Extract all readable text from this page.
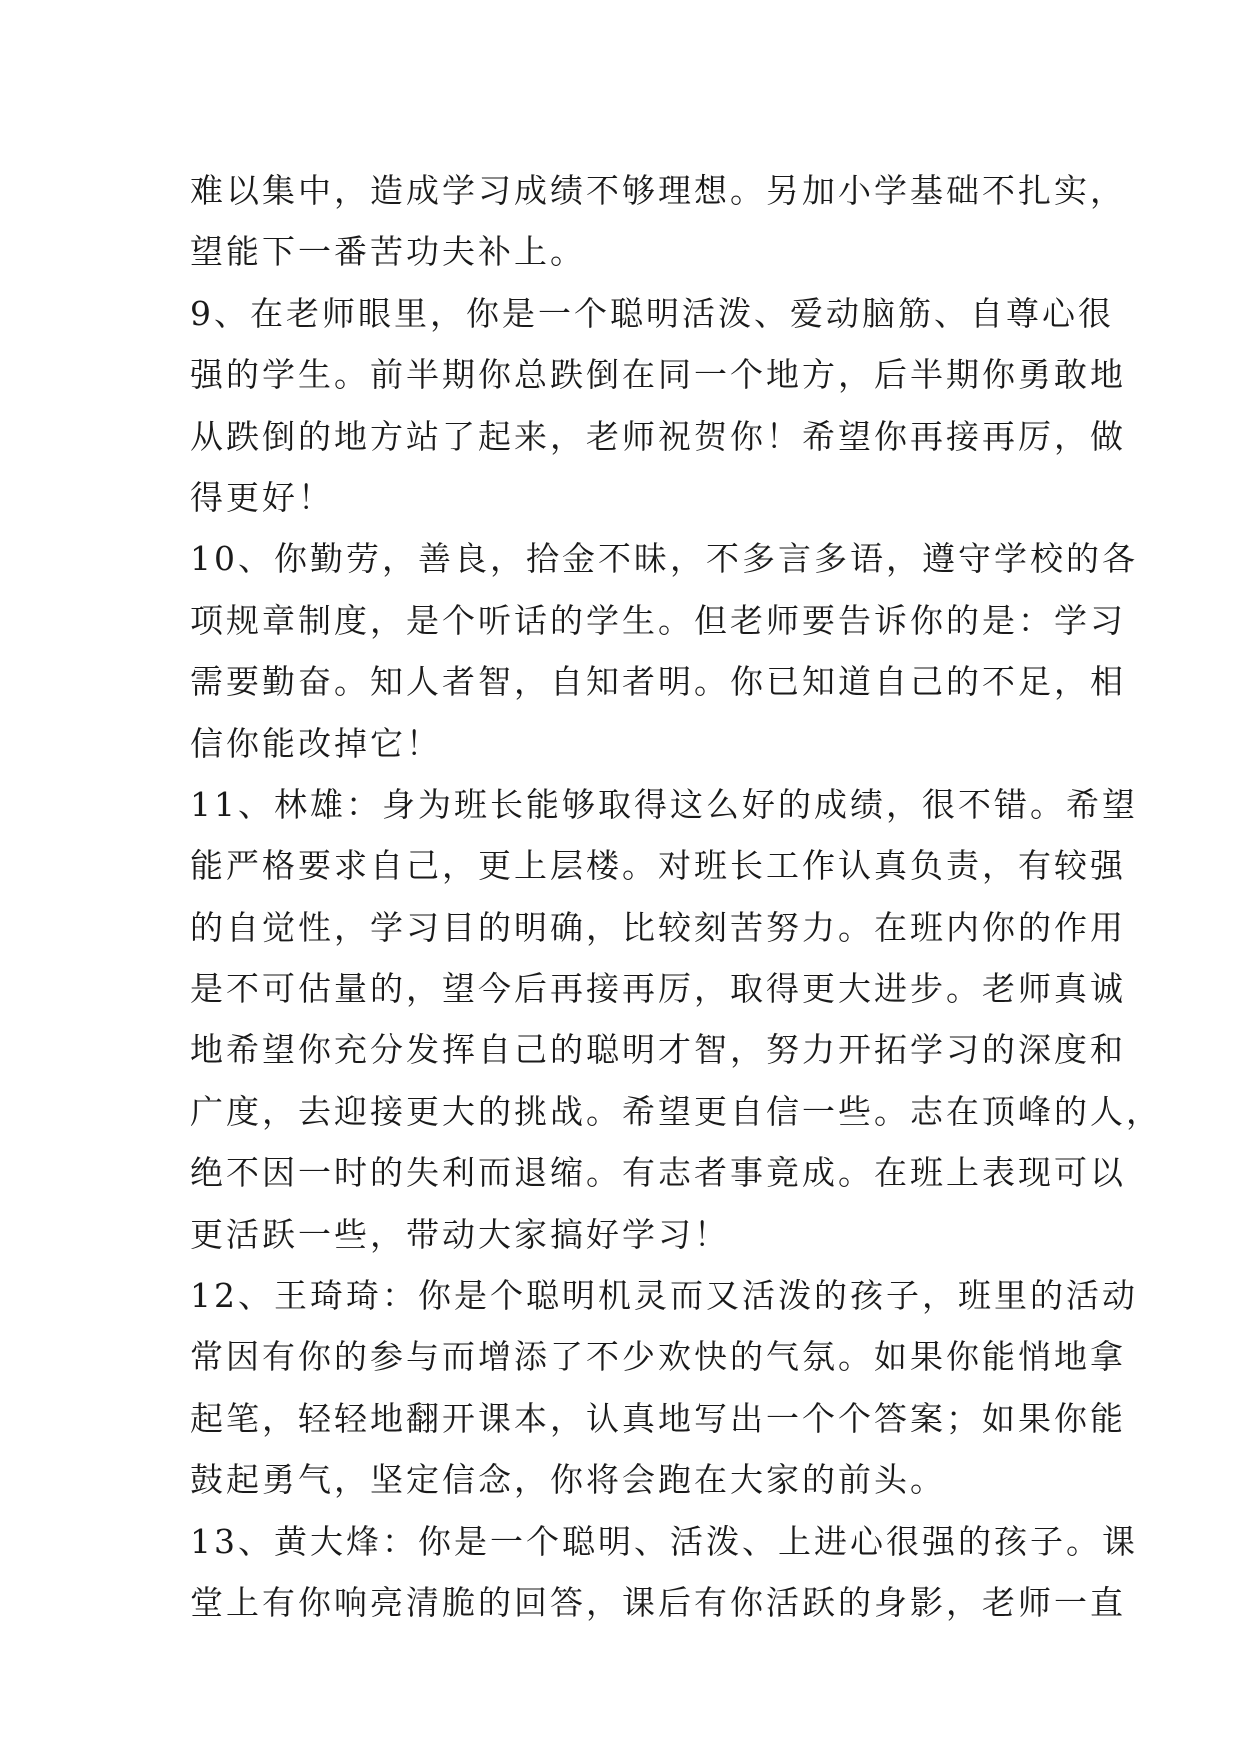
难以集中，造成学习成绩不够理想。另加小学基础不扎实，
望能下一番苦功夫补上。
9、在老师眼里，你是一个聪明活泼、爱动脑筋、自尊心很
强的学生。前半期你总跌倒在同一个地方，后半期你勇敢地
从跌倒的地方站了起来，老师祝贺你！希望你再接再厉，做
得更好！
10、你勤劳，善良，拾金不昧，不多言多语，遵守学校的各
项规章制度，是个听话的学生。但老师要告诉你的是：学习
需要勤奋。知人者智，自知者明。你已知道自己的不足，相
信你能改掉它！
11、林雄：身为班长能够取得这么好的成绩，很不错。希望
能严格要求自己，更上层楼。对班长工作认真负责，有较强
的自觉性，学习目的明确，比较刻苦努力。在班内你的作用
是不可估量的，望今后再接再厉，取得更大进步。老师真诚
地希望你充分发挥自己的聪明才智，努力开拓学习的深度和
广度，去迎接更大的挑战。希望更自信一些。志在顶峰的人，
绝不因一时的失利而退缩。有志者事竟成。在班上表现可以
更活跃一些，带动大家搞好学习！
12、王琦琦：你是个聪明机灵而又活泼的孩子，班里的活动
常因有你的参与而增添了不少欢快的气氛。如果你能悄地拿
起笔，轻轻地翻开课本，认真地写出一个个答案；如果你能
鼓起勇气，坚定信念，你将会跑在大家的前头。
13、黄大烽：你是一个聪明、活泼、上进心很强的孩子。课
堂上有你响亮清脆的回答，课后有你活跃的身影，老师一直
